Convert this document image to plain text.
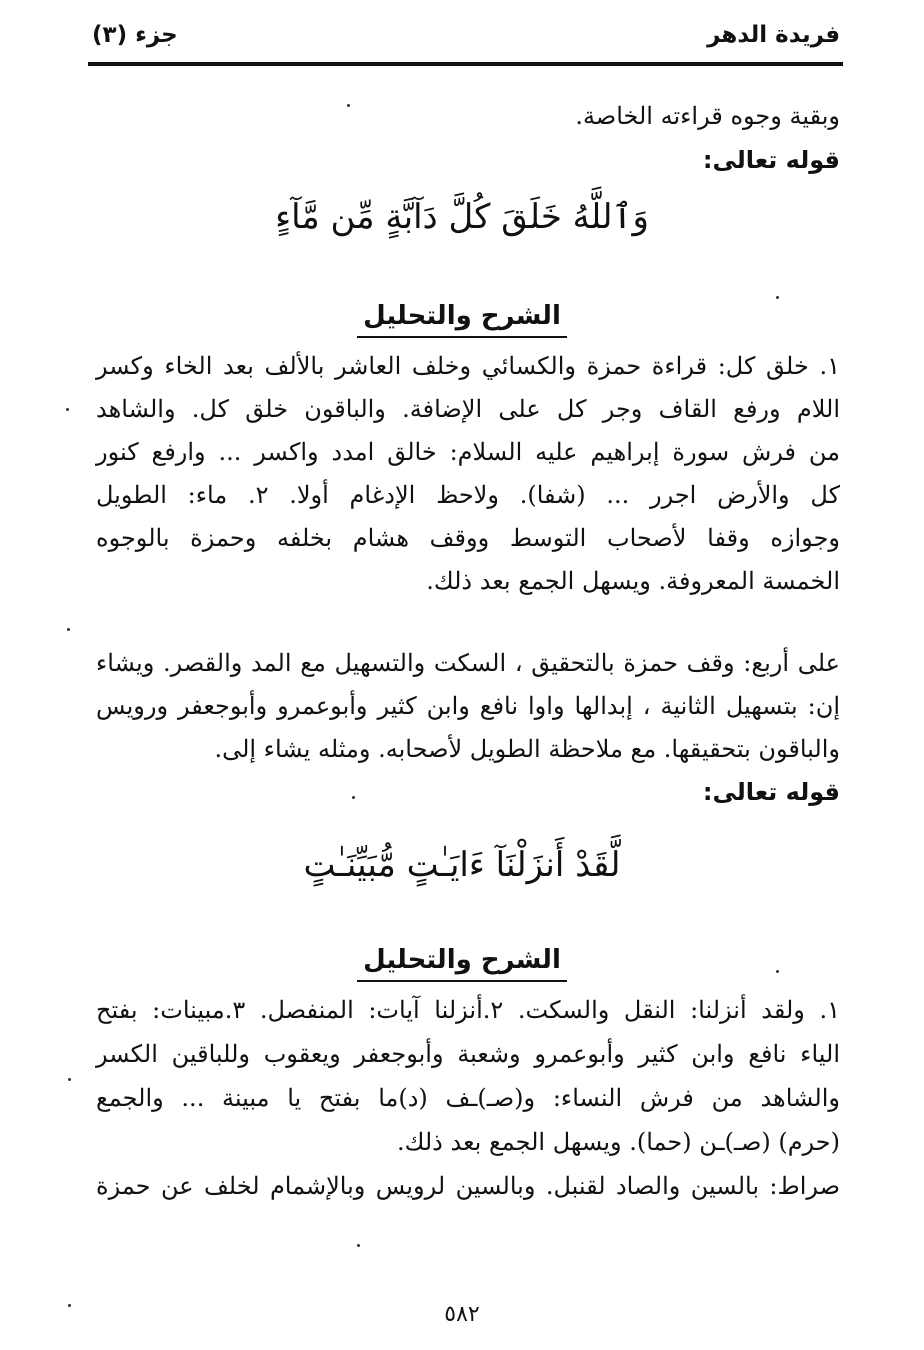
فريدة الدهر
جزء (٣)
وبقية وجوه قراءته الخاصة.
قوله تعالى:
وَٱللَّهُ خَلَقَ كُلَّ دَآبَّةٍ مِّن مَّآءٍ
الشرح والتحليل
١. خلق كل: قراءة حمزة والكسائي وخلف العاشر بالألف بعد الخاء وكسر
اللام ورفع القاف وجر كل على الإضافة. والباقون خلق كل. والشاهد
من فرش سورة إبراهيم عليه السلام: خالق امدد واكسر ... وارفع كنور
كل والأرض اجرر ... (شفا). ولاحظ الإدغام أولا. ٢. ماء: الطويل
وجوازه وقفا لأصحاب التوسط ووقف هشام بخلفه وحمزة بالوجوه
الخمسة المعروفة. ويسهل الجمع بعد ذلك.
على أربع: وقف حمزة بالتحقيق ، السكت والتسهيل مع المد والقصر. ويشاء
إن: بتسهيل الثانية ، إبدالها واوا نافع وابن كثير وأبوعمرو وأبوجعفر ورويس
والباقون بتحقيقها. مع ملاحظة الطويل لأصحابه. ومثله يشاء إلى.
قوله تعالى:
لَّقَدْ أَنزَلْنَآ ءَايَـٰتٍ مُّبَيِّنَـٰتٍ
الشرح والتحليل
١. ولقد أنزلنا: النقل والسكت. ٢.أنزلنا آيات: المنفصل. ٣.مبينات: بفتح
الياء نافع وابن كثير وأبوعمرو وشعبة وأبوجعفر ويعقوب وللباقين الكسر
والشاهد من فرش النساء: و(صـ)ـف (د)ما بفتح يا مبينة ... والجمع
(حرم) (صـ)ـن (حما). ويسهل الجمع بعد ذلك.
صراط: بالسين والصاد لقنبل. وبالسين لرويس وبالإشمام لخلف عن حمزة
٥٨٢
